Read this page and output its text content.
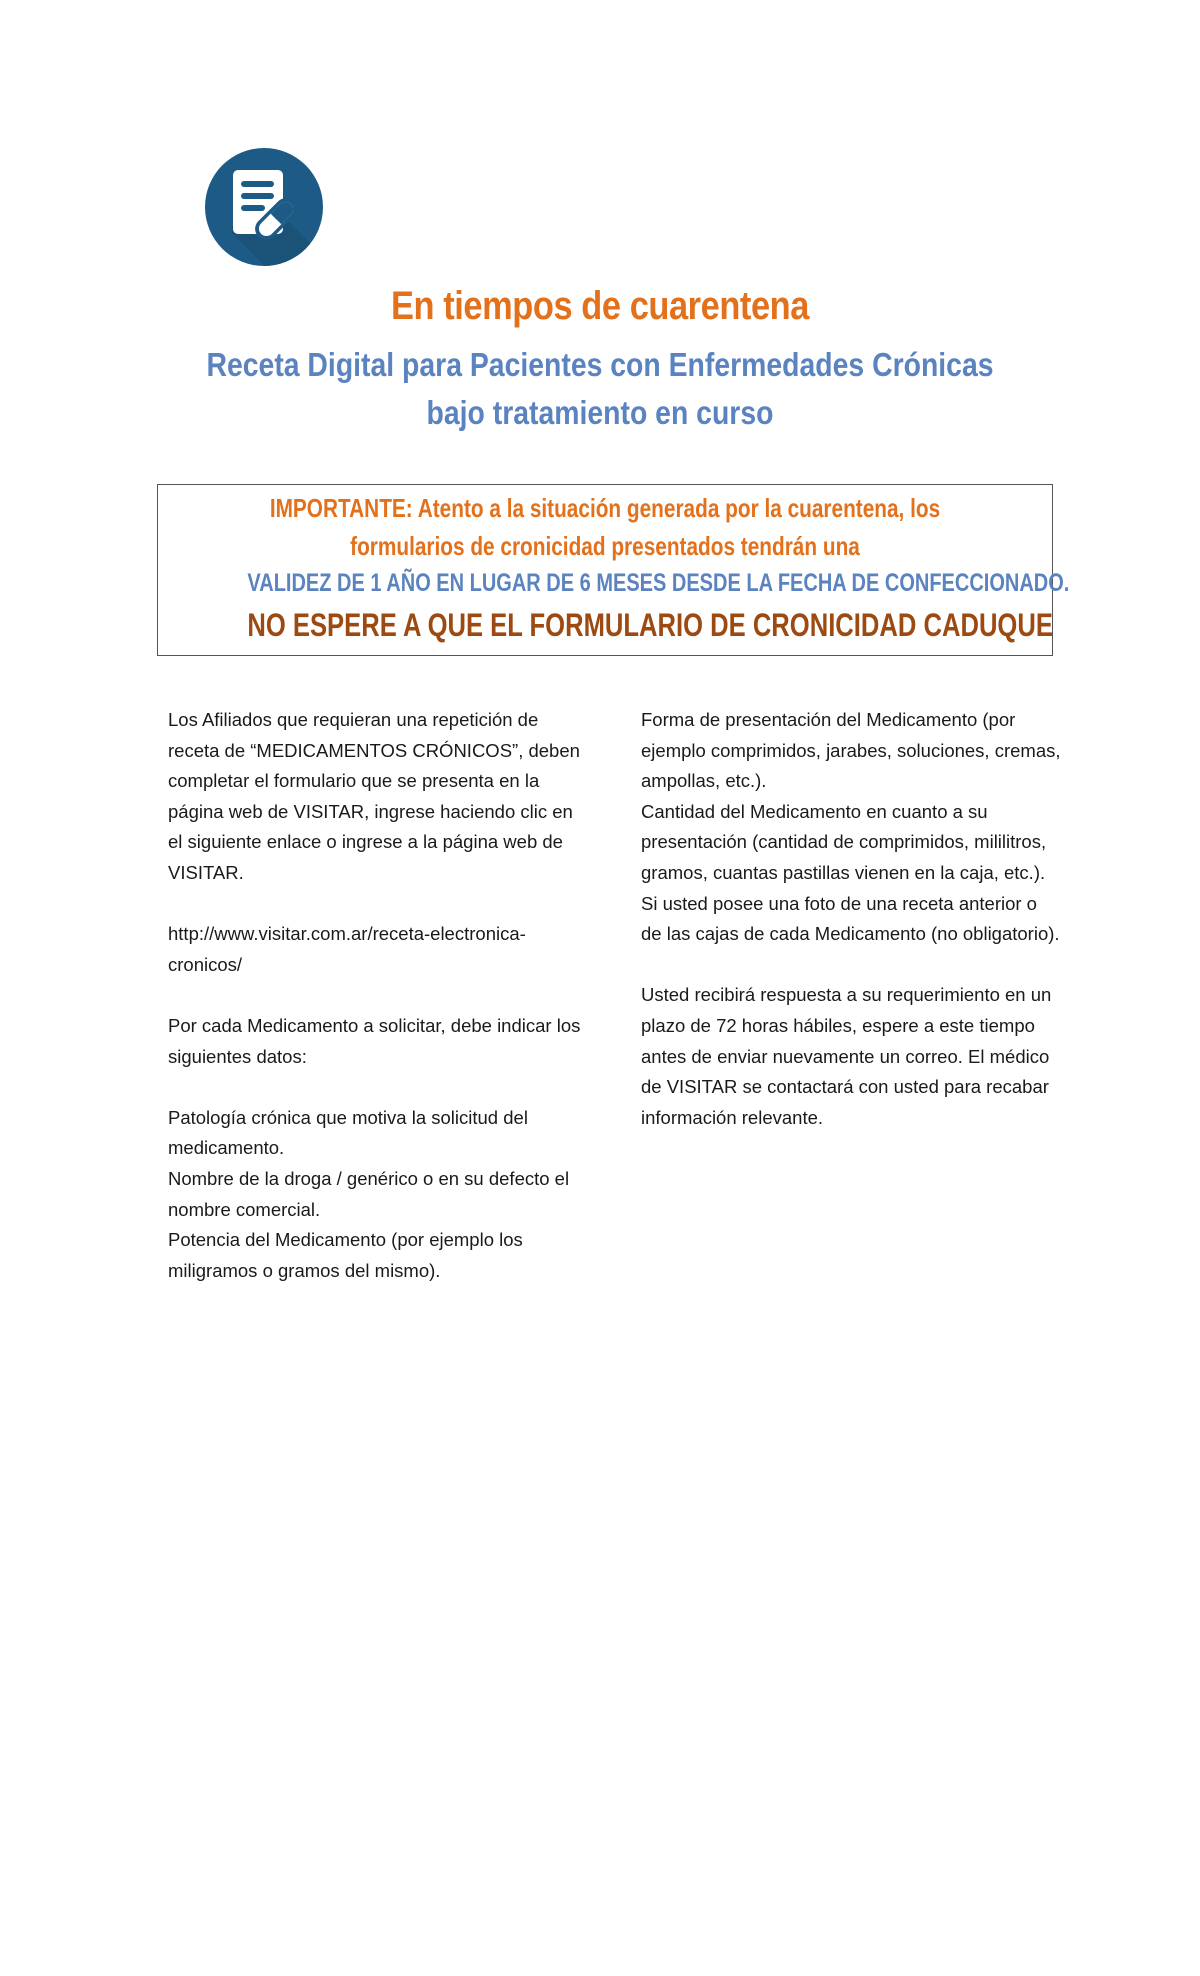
En tiempos de cuarentena
Receta Digital para Pacientes con Enfermedades Crónicas
bajo tratamiento en curso

IMPORTANTE: Atento a la situación generada por la cuarentena, los

formularios de cronicidad presentados tendrán una

VALIDEZ DE 1 AÑO EN LUGAR DE 6 MESES DESDE LA FECHA DE CONFECCIONADO.

NO ESPERE A QUE EL FORMULARIO DE CRONICIDAD CADUQUE

Los Afiliados que requieran una repetición de receta de “MEDICAMENTOS CRÓNICOS”, deben completar el formulario que se presenta en la página web de VISITAR, ingrese haciendo clic en el siguiente enlace o ingrese a la página web de VISITAR.

http://www.visitar.com.ar/receta-electronica-cronicos/

Por cada Medicamento a solicitar, debe indicar los siguientes datos:

Patología crónica que motiva la solicitud del medicamento.

Nombre de la droga / genérico o en su defecto el nombre comercial.

Potencia del Medicamento (por ejemplo los miligramos o gramos del mismo).

Forma de presentación del Medicamento (por ejemplo comprimidos, jarabes, soluciones, cremas, ampollas, etc.).

Cantidad del Medicamento en cuanto a su presentación (cantidad de comprimidos, mililitros, gramos, cuantas pastillas vienen en la caja, etc.).

Si usted posee una foto de una receta anterior o de las cajas de cada Medicamento (no obligatorio).

Usted recibirá respuesta a su requerimiento en un plazo de 72 horas hábiles, espere a este tiempo antes de enviar nuevamente un correo. El médico de VISITAR se contactará con usted para recabar información relevante.
